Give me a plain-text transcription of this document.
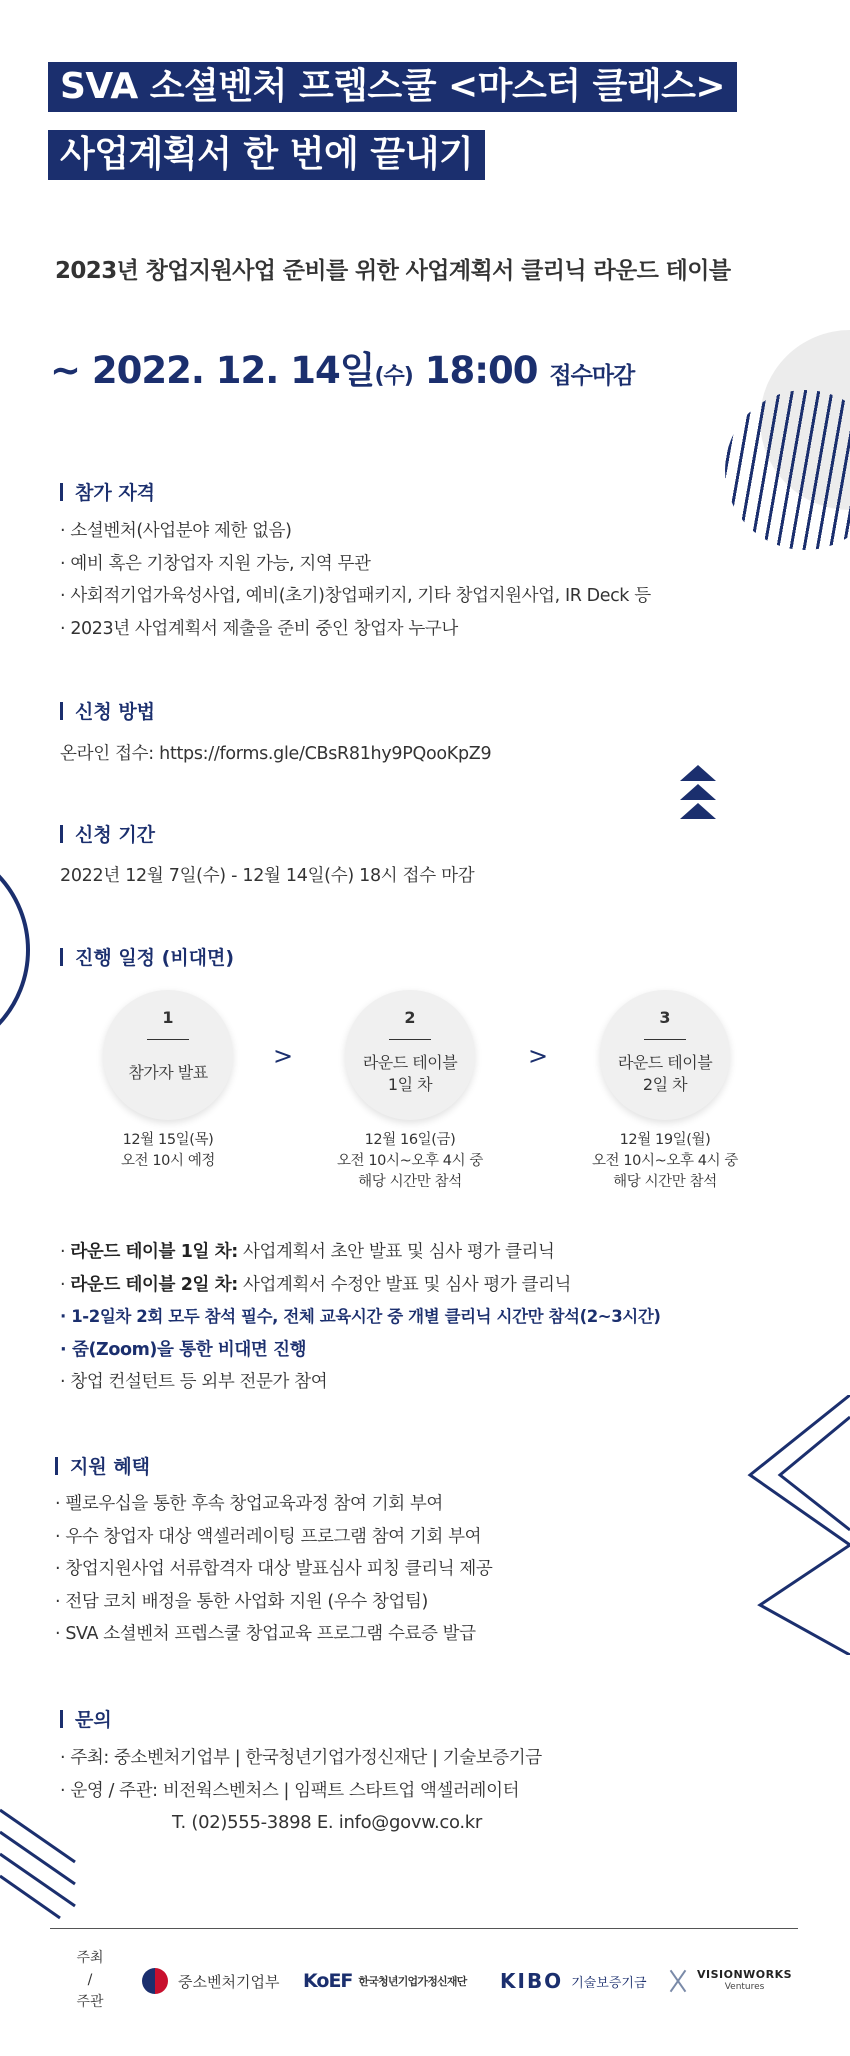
SVA 소셜벤처 프렙스쿨 <마스터 클래스>
사업계획서 한 번에 끝내기
2023년 창업지원사업 준비를 위한 사업계획서 클리닉 라운드 테이블
~ 2022. 12. 14일(수) 18:00 접수마감
참가 자격
· 소셜벤처(사업분야 제한 없음)
· 예비 혹은 기창업자 지원 가능, 지역 무관
· 사회적기업가육성사업, 예비(초기)창업패키지, 기타 창업지원사업, IR Deck 등
· 2023년 사업계획서 제출을 준비 중인 창업자 누구나
신청 방법
온라인 접수: https://forms.gle/CBsR81hy9PQooKpZ9
신청 기간
2022년 12월 7일(수) - 12월 14일(수) 18시 접수 마감
진행 일정 (비대면)
1
참가자 발표
>
2
라운드 테이블
1일 차
>
3
라운드 테이블
2일 차
12월 15일(목)
오전 10시 예정
12월 16일(금)
오전 10시~오후 4시 중
해당 시간만 참석
12월 19일(월)
오전 10시~오후 4시 중
해당 시간만 참석
· 라운드 테이블 1일 차: 사업계획서 초안 발표 및 심사 평가 클리닉
· 라운드 테이블 2일 차: 사업계획서 수정안 발표 및 심사 평가 클리닉
· 1-2일차 2회 모두 참석 필수, 전체 교육시간 중 개별 클리닉 시간만 참석(2~3시간)
· 줌(Zoom)을 통한 비대면 진행
· 창업 컨설턴트 등 외부 전문가 참여
지원 혜택
· 펠로우십을 통한 후속 창업교육과정 참여 기회 부여
· 우수 창업자 대상 액셀러레이팅 프로그램 참여 기회 부여
· 창업지원사업 서류합격자 대상 발표심사 피칭 클리닉 제공
· 전담 코치 배정을 통한 사업화 지원 (우수 창업팀)
· SVA 소셜벤처 프렙스쿨 창업교육 프로그램 수료증 발급
문의
· 주최: 중소벤처기업부 | 한국청년기업가정신재단 | 기술보증기금
· 운영 / 주관: 비전웍스벤처스 | 임팩트 스타트업 액셀러레이터
T. (02)555-3898 E. info@govw.co.kr
주최
/
주관
중소벤처기업부 KoEF 한국청년기업가정신재단 KIBO 기술보증기금
VISIONWORKS
Ventures
